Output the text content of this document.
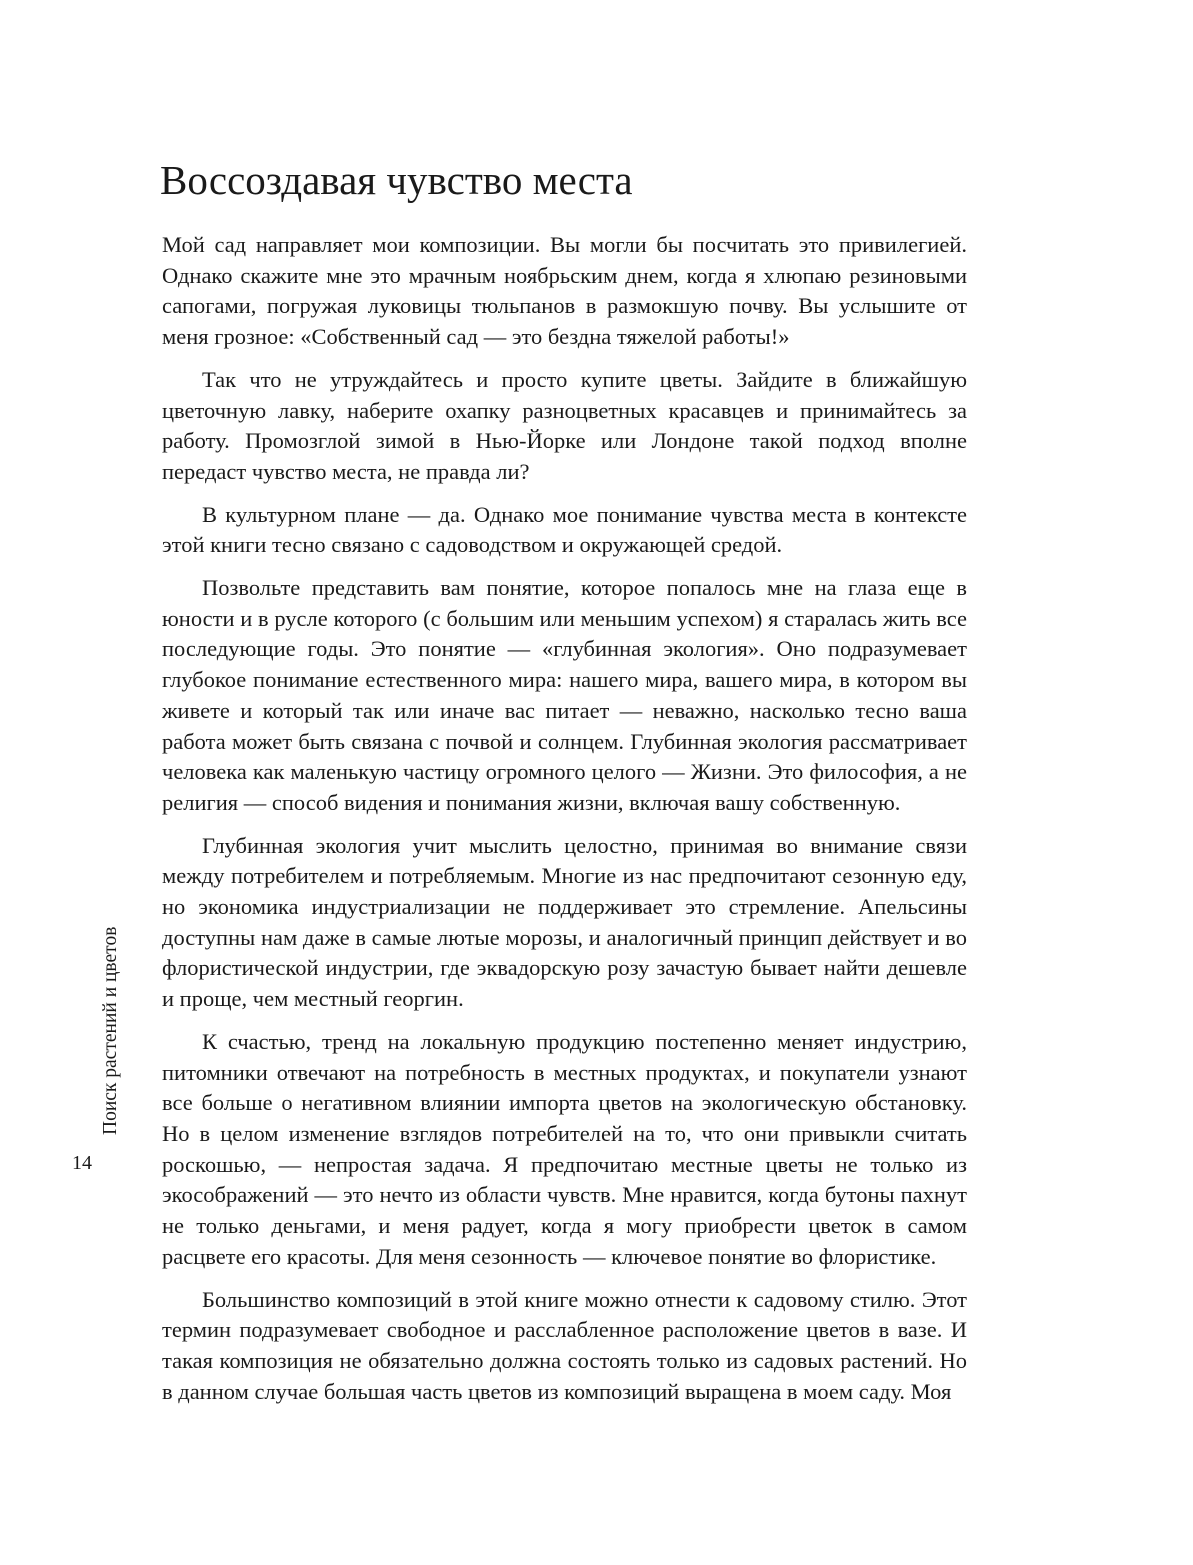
Воссоздавая чувство места

Мой сад направляет мои композиции. Вы могли бы посчитать это привилегией. Однако скажите мне это мрачным ноябрьским днем, когда я хлюпаю резиновыми сапогами, погружая луковицы тюльпанов в размокшую почву. Вы услышите от меня грозное: «Собственный сад — это бездна тяжелой работы!»

Так что не утруждайтесь и просто купите цветы. Зайдите в ближайшую цветочную лавку, наберите охапку разноцветных красавцев и принимайтесь за работу. Промозглой зимой в Нью-Йорке или Лондоне такой подход вполне передаст чувство места, не правда ли?

В культурном плане — да. Однако мое понимание чувства места в контексте этой книги тесно связано с садоводством и окружающей средой.

Позвольте представить вам понятие, которое попалось мне на глаза еще в юности и в русле которого (с большим или меньшим успехом) я старалась жить все последующие годы. Это понятие — «глубинная экология». Оно подразумевает глубокое понимание естественного мира: нашего мира, вашего мира, в котором вы живете и который так или иначе вас питает — неважно, насколько тесно ваша работа может быть связана с почвой и солнцем. Глубинная экология рассматривает человека как маленькую частицу огромного целого — Жизни. Это философия, а не религия — способ видения и понимания жизни, включая вашу собственную.

Глубинная экология учит мыслить целостно, принимая во внимание связи между потребителем и потребляемым. Многие из нас предпочитают сезонную еду, но экономика индустриализации не поддерживает это стремление. Апельсины доступны нам даже в самые лютые морозы, и аналогичный принцип действует и во флористической индустрии, где эквадорскую розу зачастую бывает найти дешевле и проще, чем местный георгин.

К счастью, тренд на локальную продукцию постепенно меняет индустрию, питомники отвечают на потребность в местных продуктах, и покупатели узнают все больше о негативном влиянии импорта цветов на экологическую обстановку. Но в целом изменение взглядов потребителей на то, что они привыкли считать роскошью, — непростая задача. Я предпочитаю местные цветы не только из экосображений — это нечто из области чувств. Мне нравится, когда бутоны пахнут не только деньгами, и меня радует, когда я могу приобрести цветок в самом расцвете его красоты. Для меня сезонность — ключевое понятие во флористике.

Большинство композиций в этой книге можно отнести к садовому стилю. Этот термин подразумевает свободное и расслабленное расположение цветов в вазе. И такая композиция не обязательно должна состоять только из садовых растений. Но в данном случае большая часть цветов из композиций выращена в моем саду. Моя

Поиск растений и цветов
14
